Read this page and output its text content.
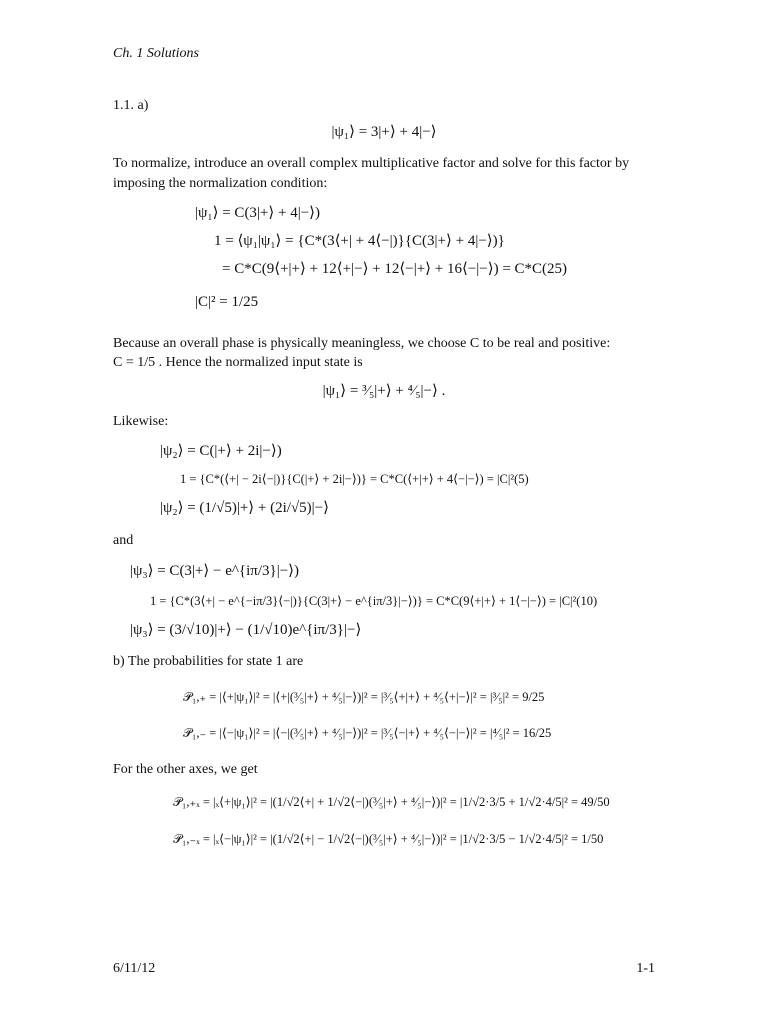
Ch. 1 Solutions
1.1. a)
|ψ₁⟩ = 3|+⟩ + 4|−⟩
To normalize, introduce an overall complex multiplicative factor and solve for this factor by imposing the normalization condition:
|ψ₁⟩ = C(3|+⟩ + 4|−⟩)
1 = ⟨ψ₁|ψ₁⟩ = {C*(3⟨+| + 4⟨−|)}{C(3|+⟩ + 4|−⟩)}
= C*C(9⟨+|+⟩ + 12⟨+|−⟩ + 12⟨−|+⟩ + 16⟨−|−⟩) = C*C(25)
|C|² = 1/25
Because an overall phase is physically meaningless, we choose C to be real and positive:
C = 1/5 . Hence the normalized input state is
|ψ₁⟩ = ³⁄₅|+⟩ + ⁴⁄₅|−⟩ .
Likewise:
|ψ₂⟩ = C(|+⟩ + 2i|−⟩)
1 = {C*(⟨+| − 2i⟨−|)}{C(|+⟩ + 2i|−⟩)} = C*C(⟨+|+⟩ + 4⟨−|−⟩) = |C|²(5)
|ψ₂⟩ = (1/√5)|+⟩ + (2i/√5)|−⟩
and
|ψ₃⟩ = C(3|+⟩ − e^{iπ/3}|−⟩)
1 = {C*(3⟨+| − e^{−iπ/3}⟨−|)}{C(3|+⟩ − e^{iπ/3}|−⟩)} = C*C(9⟨+|+⟩ + 1⟨−|−⟩) = |C|²(10)
|ψ₃⟩ = (3/√10)|+⟩ − (1/√10)e^{iπ/3}|−⟩
b) The probabilities for state 1 are
𝒫₁,₊ = |⟨+|ψ₁⟩|² = |⟨+|(³⁄₅|+⟩ + ⁴⁄₅|−⟩)|² = |³⁄₅⟨+|+⟩ + ⁴⁄₅⟨+|−⟩|² = |³⁄₅|² = 9/25
𝒫₁,₋ = |⟨−|ψ₁⟩|² = |⟨−|(³⁄₅|+⟩ + ⁴⁄₅|−⟩)|² = |³⁄₅⟨−|+⟩ + ⁴⁄₅⟨−|−⟩|² = |⁴⁄₅|² = 16/25
For the other axes, we get
𝒫₁,₊ₓ = |ₓ⟨+|ψ₁⟩|² = |(1/√2⟨+| + 1/√2⟨−|)(³⁄₅|+⟩ + ⁴⁄₅|−⟩)|² = |1/√2·3/5 + 1/√2·4/5|² = 49/50
𝒫₁,₋ₓ = |ₓ⟨−|ψ₁⟩|² = |(1/√2⟨+| − 1/√2⟨−|)(³⁄₅|+⟩ + ⁴⁄₅|−⟩)|² = |1/√2·3/5 − 1/√2·4/5|² = 1/50
6/11/12	1-1
